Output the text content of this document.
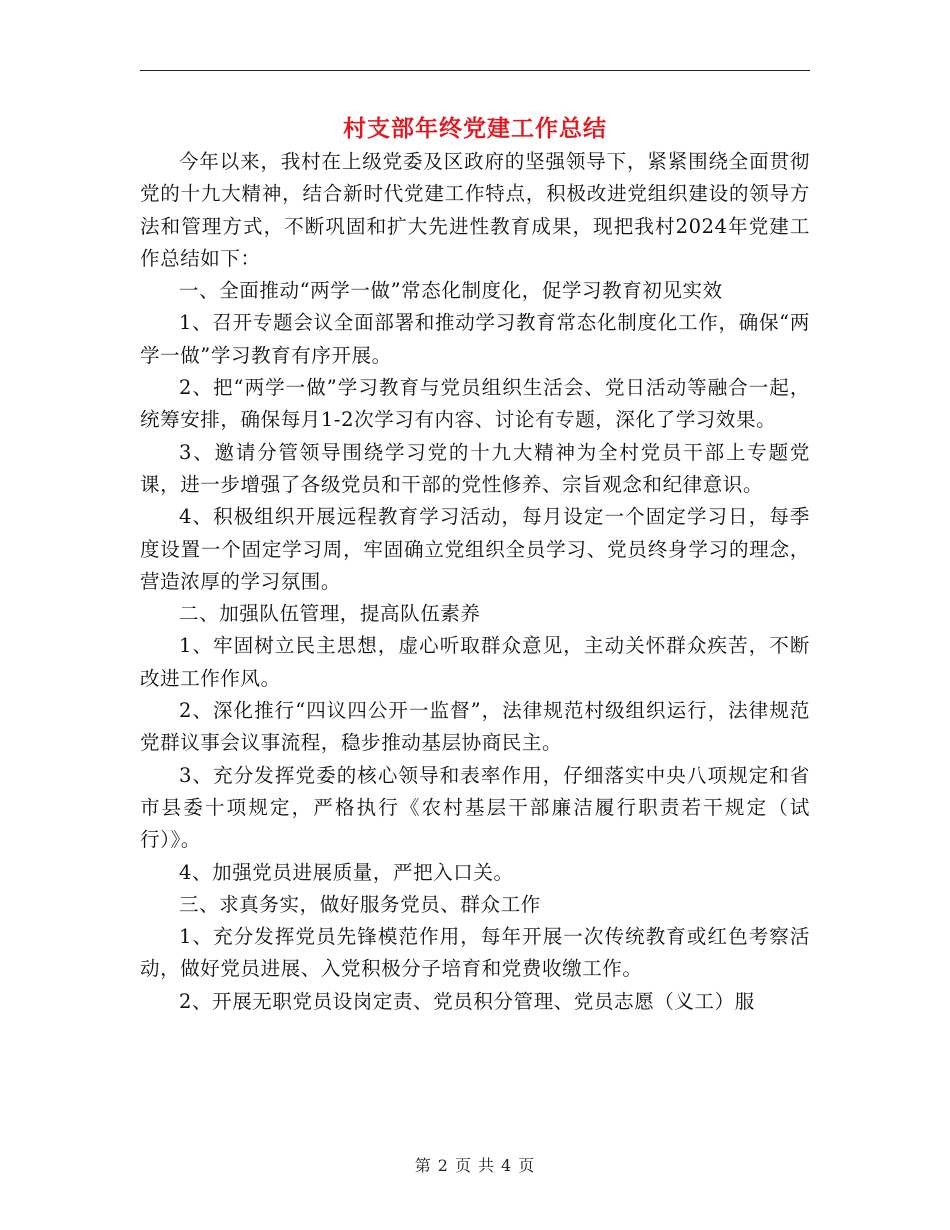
村支部年终党建工作总结

今年以来，我村在上级党委及区政府的坚强领导下，紧紧围绕全面贯彻党的十九大精神，结合新时代党建工作特点，积极改进党组织建设的领导方法和管理方式，不断巩固和扩大先进性教育成果，现把我村2024年党建工作总结如下：

一、全面推动“两学一做”常态化制度化，促学习教育初见实效

1、召开专题会议全面部署和推动学习教育常态化制度化工作，确保“两学一做”学习教育有序开展。

2、把“两学一做”学习教育与党员组织生活会、党日活动等融合一起，统筹安排，确保每月1-2次学习有内容、讨论有专题，深化了学习效果。

3、邀请分管领导围绕学习党的十九大精神为全村党员干部上专题党课，进一步增强了各级党员和干部的党性修养、宗旨观念和纪律意识。

4、积极组织开展远程教育学习活动，每月设定一个固定学习日，每季度设置一个固定学习周，牢固确立党组织全员学习、党员终身学习的理念，营造浓厚的学习氛围。

二、加强队伍管理，提高队伍素养

1、牢固树立民主思想，虚心听取群众意见，主动关怀群众疾苦，不断改进工作作风。

2、深化推行“四议四公开一监督”，法律规范村级组织运行，法律规范党群议事会议事流程，稳步推动基层协商民主。

3、充分发挥党委的核心领导和表率作用，仔细落实中央八项规定和省市县委十项规定，严格执行《农村基层干部廉洁履行职责若干规定（试行）》。

4、加强党员进展质量，严把入口关。

三、求真务实，做好服务党员、群众工作

1、充分发挥党员先锋模范作用，每年开展一次传统教育或红色考察活动，做好党员进展、入党积极分子培育和党费收缴工作。

2、开展无职党员设岗定责、党员积分管理、党员志愿（义工）服

第 2 页 共 4 页
